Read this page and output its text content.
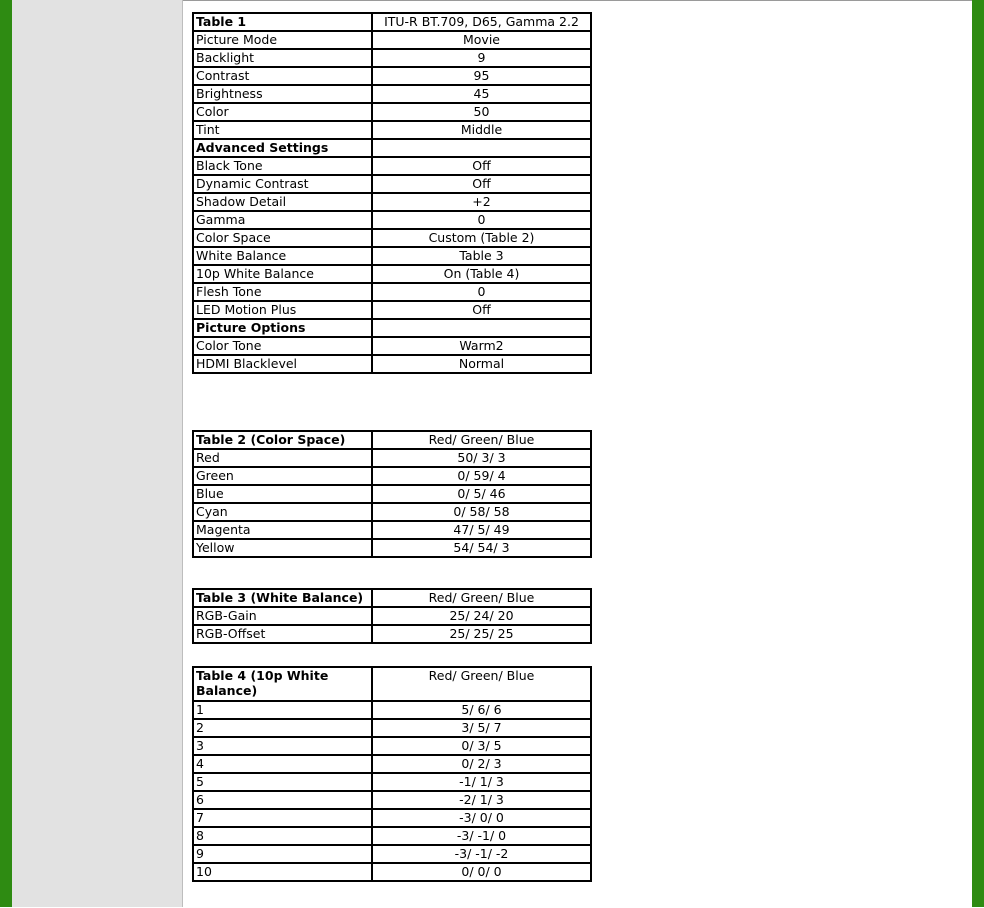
Table 1	ITU-R BT.709, D65, Gamma 2.2
Picture Mode	Movie
Backlight	9
Contrast	95
Brightness	45
Color	50
Tint	Middle
Advanced Settings	
Black Tone	Off
Dynamic Contrast	Off
Shadow Detail	+2
Gamma	0
Color Space	Custom (Table 2)
White Balance	Table 3
10p White Balance	On (Table 4)
Flesh Tone	0
LED Motion Plus	Off
Picture Options	
Color Tone	Warm2
HDMI Blacklevel	Normal
Table 2 (Color Space)	Red/ Green/ Blue
Red	50/ 3/ 3
Green	0/ 59/ 4
Blue	0/ 5/ 46
Cyan	0/ 58/ 58
Magenta	47/ 5/ 49
Yellow	54/ 54/ 3
Table 3 (White Balance)	Red/ Green/ Blue
RGB-Gain	25/ 24/ 20
RGB-Offset	25/ 25/ 25
Table 4 (10p White Balance)	Red/ Green/ Blue
1	5/ 6/ 6
2	3/ 5/ 7
3	0/ 3/ 5
4	0/ 2/ 3
5	-1/ 1/ 3
6	-2/ 1/ 3
7	-3/ 0/ 0
8	-3/ -1/ 0
9	-3/ -1/ -2
10	0/ 0/ 0
